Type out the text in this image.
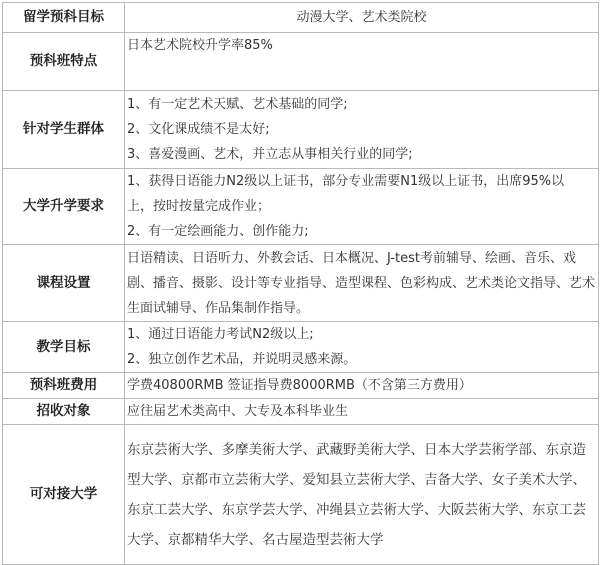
留学预科目标	动漫大学、艺术类院校
预科班特点	日本艺术院校升学率85%

针对学生群体	1、有一定艺术天赋、艺术基础的同学;
2、文化课成绩不是太好;
3、喜爱漫画、艺术，并立志从事相关行业的同学;

大学升学要求	1、获得日语能力N2级以上证书，部分专业需要N1级以上证书，出席95%以
上，按时按量完成作业；
2、有一定绘画能力、创作能力;

课程设置	日语精读、日语听力、外教会话、日本概况、J-test考前辅导、绘画、音乐、戏剧、播音、摄影、设计等专业指导、造型课程、色彩构成、艺术类论文指导、艺术生面试辅导、作品集制作指导。

教学目标	1、通过日语能力考试N2级以上;
2、独立创作艺术品，并说明灵感来源。

预科班费用	学费40800RMB 签证指导费8000RMB（不含第三方费用）
招收对象	应往届艺术类高中、大专及本科毕业生
可对接大学	东京芸術大学、多摩美術大学、武藏野美術大学、日本大学芸術学部、东京造型大学、京都市立芸術大学、爱知县立芸術大学、吉备大学、女子美术大学、东京工芸大学、东京学芸大学、冲绳县立芸術大学、大阪芸術大学、东京工芸大学、京都精华大学、名古屋造型芸術大学
